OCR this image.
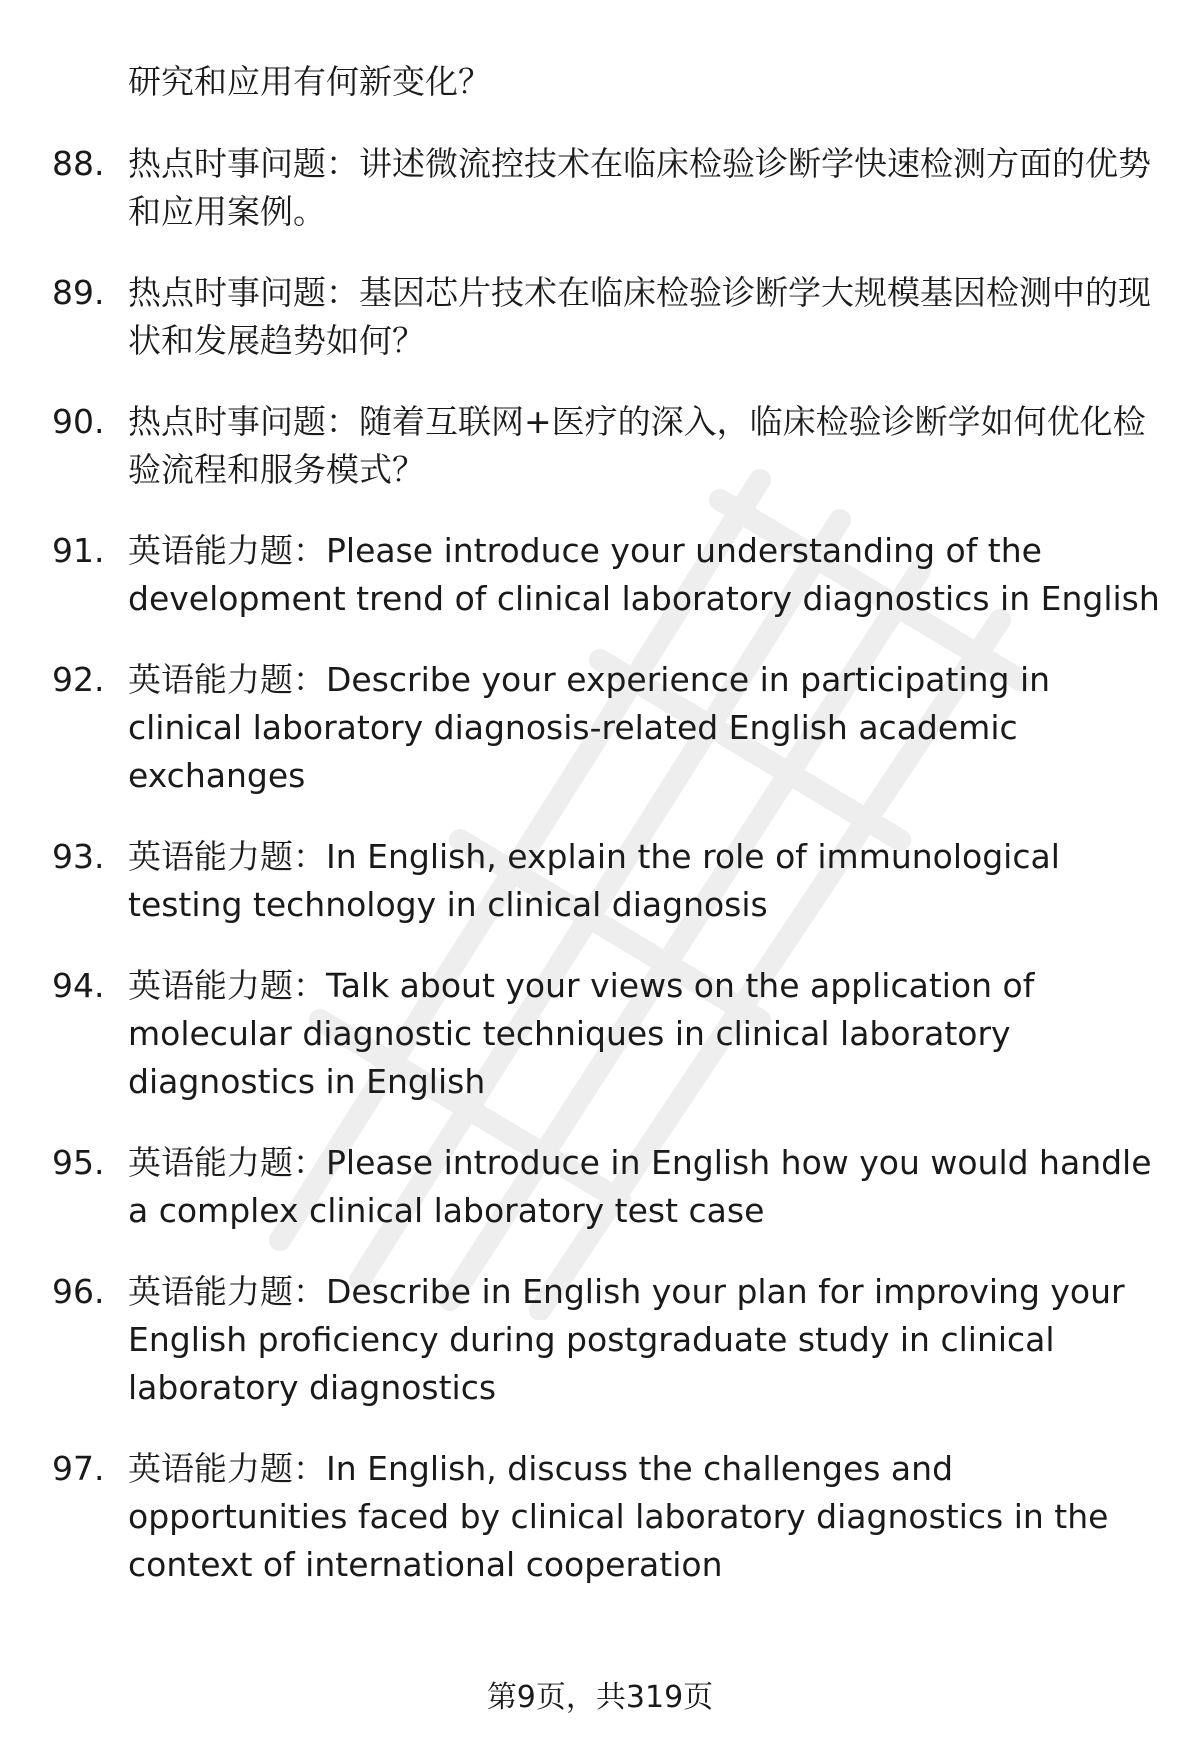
研究和应用有何新变化？
88. 热点时事问题：讲述微流控技术在临床检验诊断学快速检测方面的优势和应用案例。
89. 热点时事问题：基因芯片技术在临床检验诊断学大规模基因检测中的现状和发展趋势如何？
90. 热点时事问题：随着互联网+医疗的深入，临床检验诊断学如何优化检验流程和服务模式？
91. 英语能力题：Please introduce your understanding of the development trend of clinical laboratory diagnostics in English
92. 英语能力题：Describe your experience in participating in clinical laboratory diagnosis-related English academic exchanges
93. 英语能力题：In English, explain the role of immunological testing technology in clinical diagnosis
94. 英语能力题：Talk about your views on the application of molecular diagnostic techniques in clinical laboratory diagnostics in English
95. 英语能力题：Please introduce in English how you would handle a complex clinical laboratory test case
96. 英语能力题：Describe in English your plan for improving your English proficiency during postgraduate study in clinical laboratory diagnostics
97. 英语能力题：In English, discuss the challenges and opportunities faced by clinical laboratory diagnostics in the context of international cooperation
第9页，共319页
